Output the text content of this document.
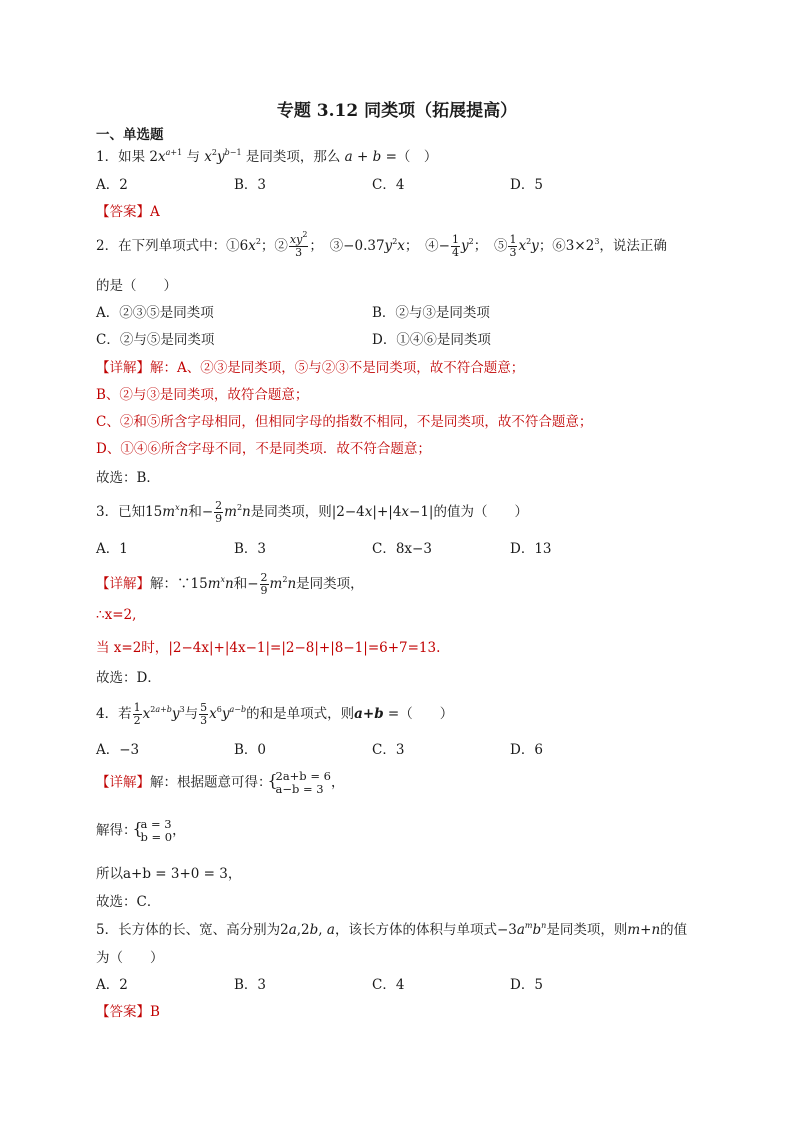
专题 3.12 同类项（拓展提高）
一、单选题
1．如果 $2x^{a+1}$ 与 $x^2y^{b-1}$ 是同类项，那么 a + b =（　）
A．2	B．3	C．4	D．5
【答案】A
2．在下列单项式中：$①6x^2$；② $\frac{xy^2}{3}$ ；　$③-0.37y^2x$；　④− $\frac{1}{4} y^2$；　⑤ $\frac{1}{3} x^2y$；$⑥3\times 2^3$，说法正确
的是（　　）
A．②③⑤是同类项	B．②与③是同类项
C．②与⑤是同类项	D．①④⑥是同类项
【详解】解：A、②③是同类项，⑤与②③不是同类项，故不符合题意；
B、②与③是同类项，故符合题意；
C、②和⑤所含字母相同，但相同字母的指数不相同，不是同类项，故不符合题意；
D、①④⑥所含字母不同，不是同类项．故不符合题意；
故选：B．
3．已知$15m^xn$和− $\frac{2}{9} m^2n$是同类项，则|2−4x|+|4x−1|的值为（　　）
A．1	B．3	C．8x−3	D．13
【详解】解：$\because 15m^xn$和− $\frac{2}{9} m^2n$是同类项，
∴x=2,
当 x=2时，|2−4x|+|4x−1|=|2−8|+|8−1|=6+7=13.
故选：D．
4．若 $\frac{1}{2} x^{2a+b}y^3$与 $\frac{5}{3} x^6y^{a-b}$的和是单项式，则a+b =（　　）
A．−3	B．0	C．3	D．6
【详解】解：根据题意可得： { 2a+b = 6
a−b = 3 ，
解得： { a = 3
b = 0 ，
所以a+b = 3+0 = 3，
故选：C．
5．长方体的长、宽、高分别为2a,2b, a，该长方体的体积与单项式$-3a^mb^n$是同类项，则m+n的值
为（　　）
A．2	B．3	C．4	D．5
【答案】B
